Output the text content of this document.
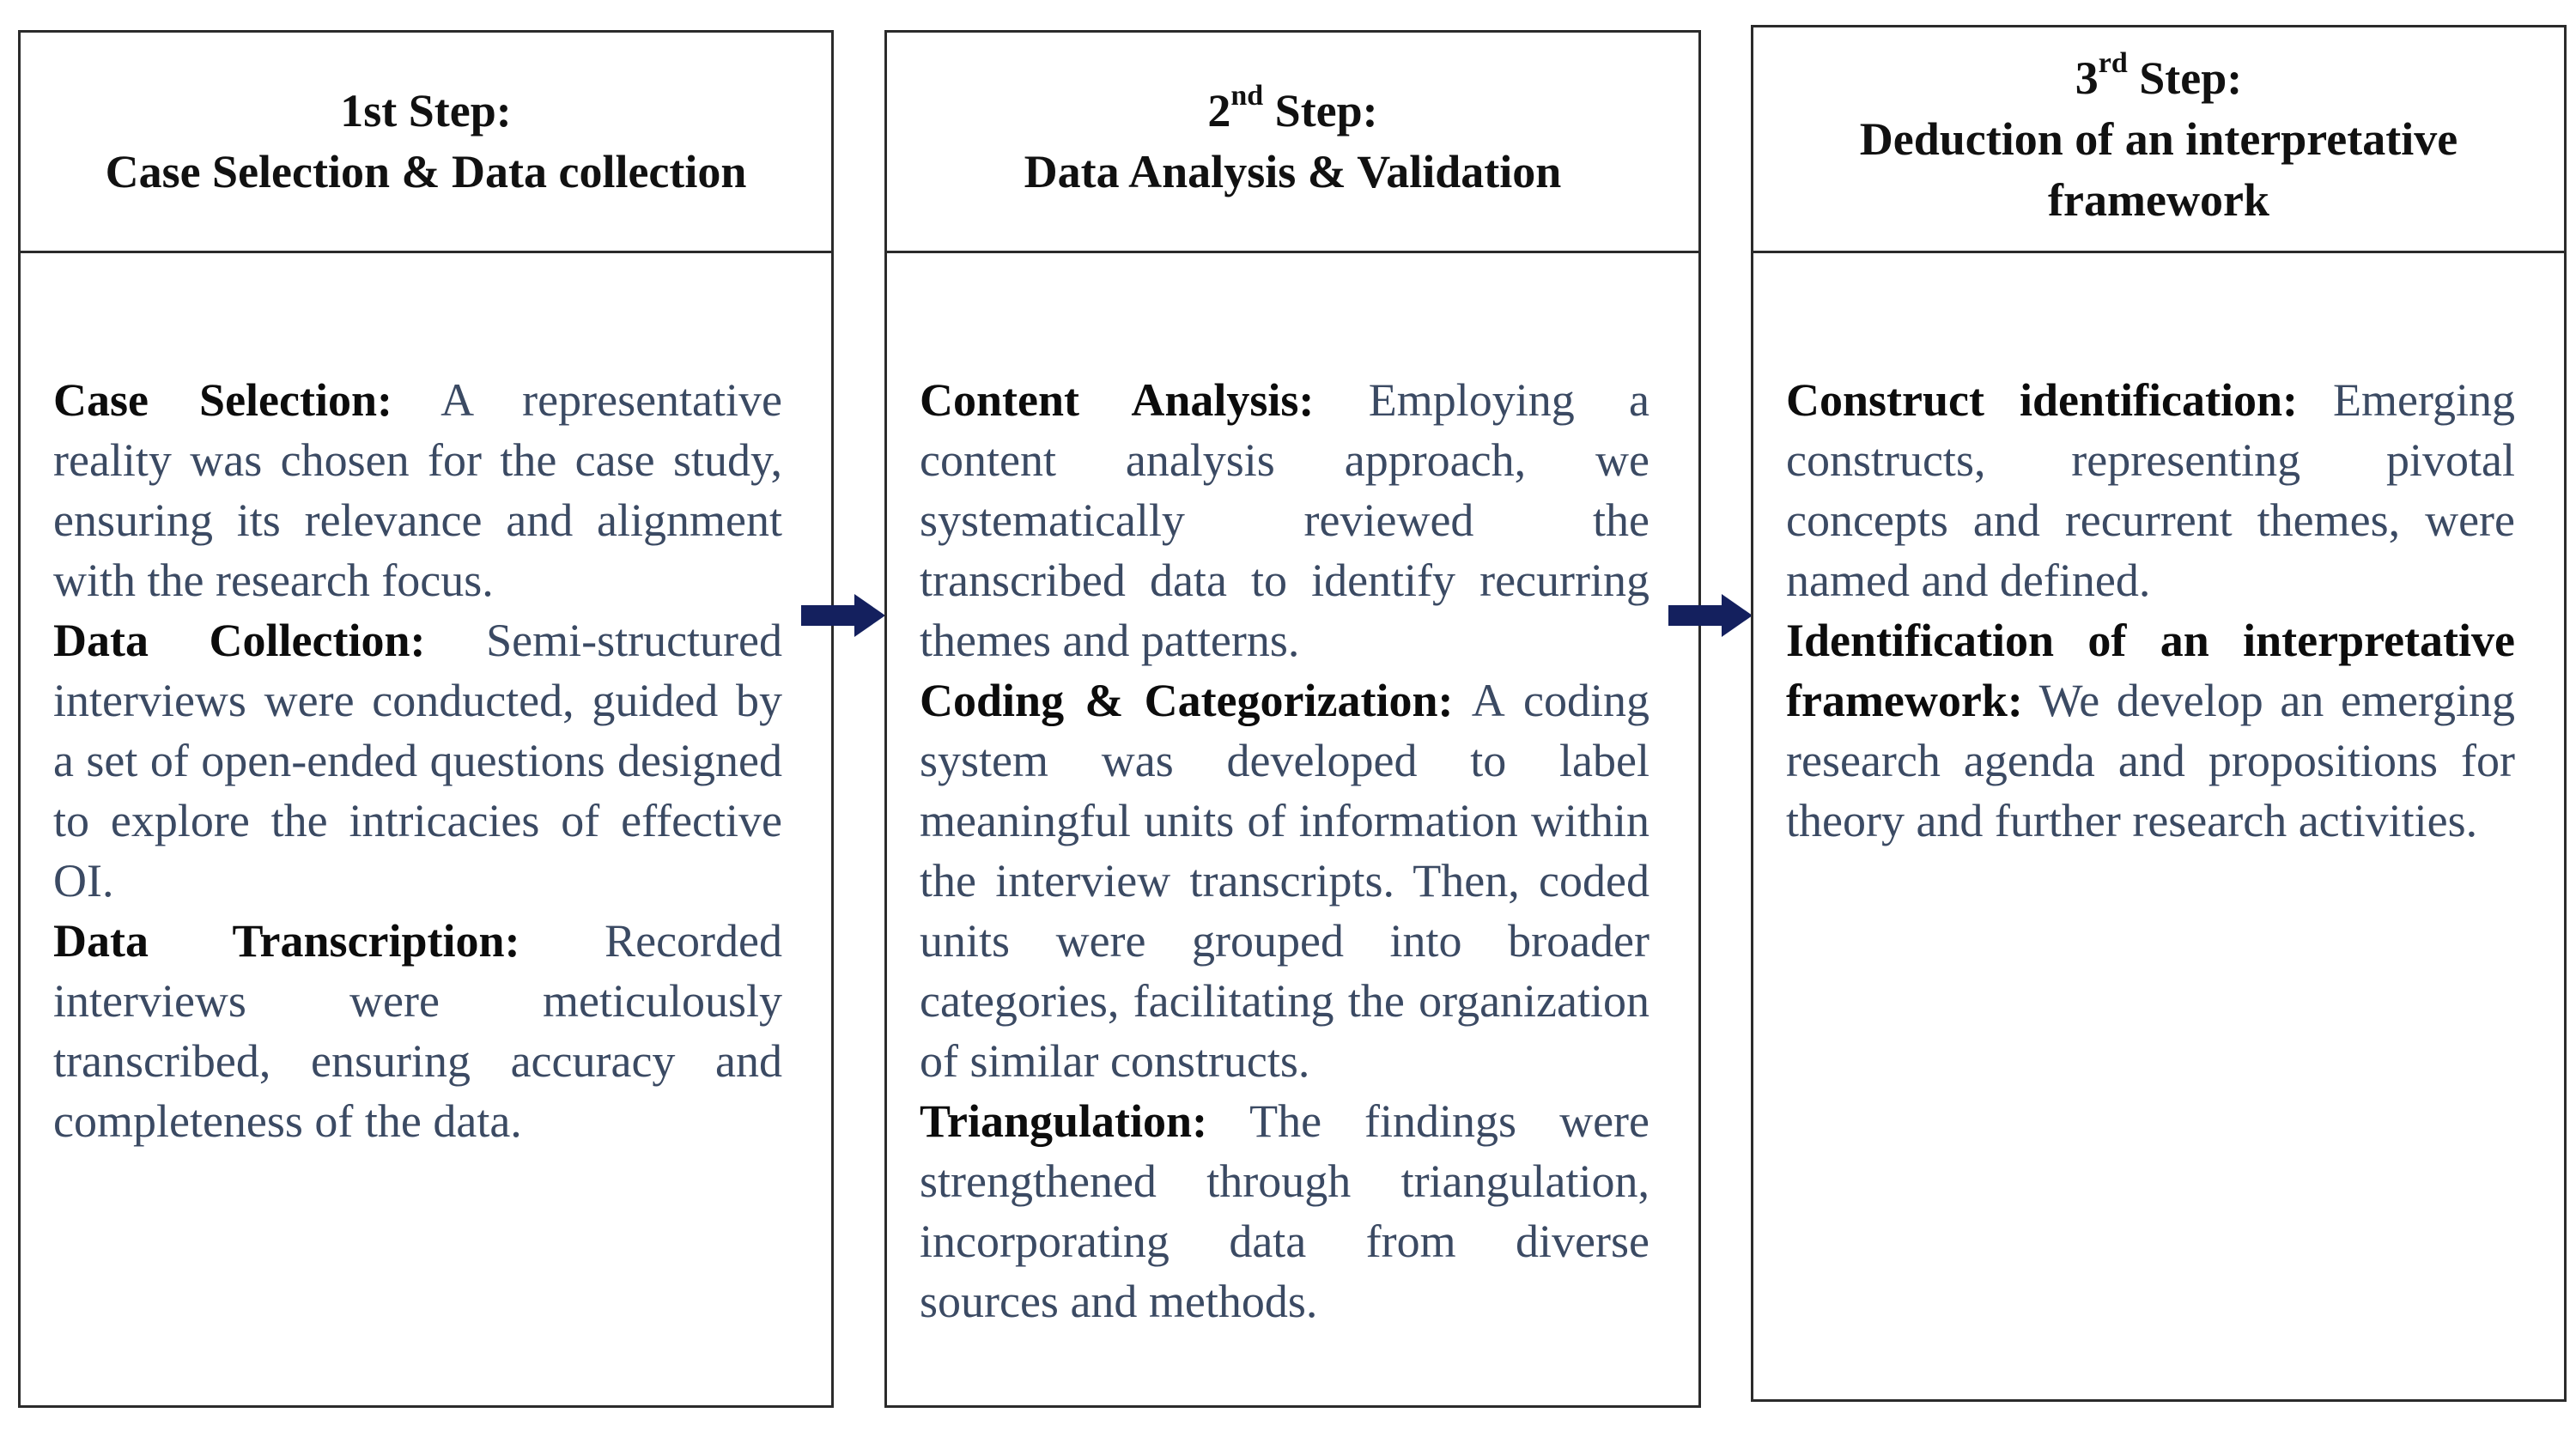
1st Step:
Case Selection & Data collection

Case Selection: A representative reality was chosen for the case study, ensuring its relevance and alignment with the research focus.

Data Collection: Semi-structured interviews were conducted, guided by a set of open-ended questions designed to explore the intricacies of effective OI.

Data Transcription: Recorded interviews were meticulously transcribed, ensuring accuracy and completeness of the data.

2nd Step:
Data Analysis & Validation

Content Analysis: Employing a content analysis approach, we systematically reviewed the transcribed data to identify recurring themes and patterns.

Coding & Categorization: A coding system was developed to label meaningful units of information within the interview transcripts. Then, coded units were grouped into broader categories, facilitating the organization of similar constructs.

Triangulation: The findings were strengthened through triangulation, incorporating data from diverse sources and methods.

3rd Step:
Deduction of an interpretative
framework

Construct identification: Emerging constructs, representing pivotal concepts and recurrent themes, were named and defined.

Identification of an interpretative framework: We develop an emerging research agenda and propositions for theory and further research activities.
